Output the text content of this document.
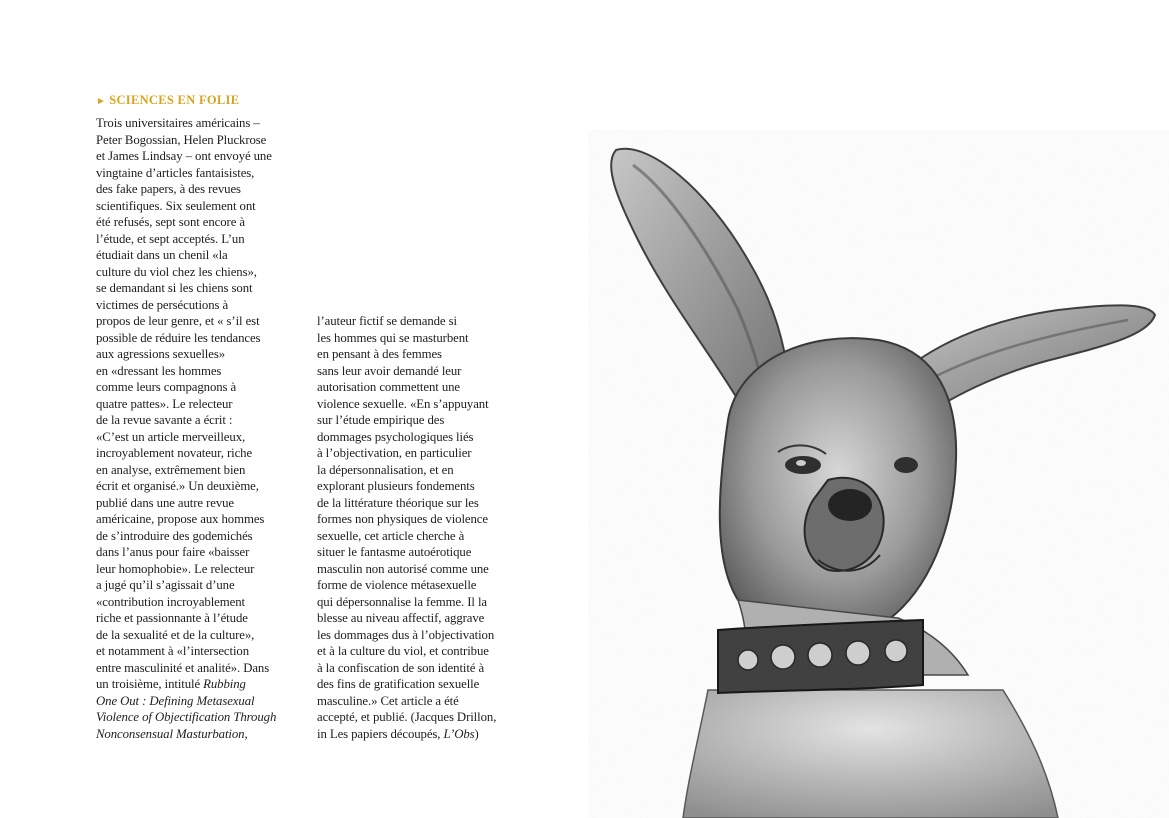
► SCIENCES EN FOLIE
Trois universitaires américains –
Peter Bogossian, Helen Pluckrose
et James Lindsay – ont envoyé une
vingtaine d’articles fantaisistes,
des fake papers, à des revues
scientifiques. Six seulement ont
été refusés, sept sont encore à
l’étude, et sept acceptés. L’un
étudiait dans un chenil «la
culture du viol chez les chiens»,
se demandant si les chiens sont
victimes de persécutions à
propos de leur genre, et « s’il est
possible de réduire les tendances
aux agressions sexuelles»
en «dressant les hommes
comme leurs compagnons à
quatre pattes». Le relecteur
de la revue savante a écrit :
«C’est un article merveilleux,
incroyablement novateur, riche
en analyse, extrêmement bien
écrit et organisé.» Un deuxième,
publié dans une autre revue
américaine, propose aux hommes
de s’introduire des godemichés
dans l’anus pour faire «baisser
leur homophobie». Le relecteur
a jugé qu’il s’agissait d’une
«contribution incroyablement
riche et passionnante à l’étude
de la sexualité et de la culture»,
et notamment à «l’intersection
entre masculinité et analité». Dans
un troisième, intitulé Rubbing
One Out : Defining Metasexual
Violence of Objectification Through
Nonconsensual Masturbation,
l’auteur fictif se demande si
les hommes qui se masturbent
en pensant à des femmes
sans leur avoir demandé leur
autorisation commettent une
violence sexuelle. «En s’appuyant
sur l’étude empirique des
dommages psychologiques liés
à l’objectivation, en particulier
la dépersonnalisation, et en
explorant plusieurs fondements
de la littérature théorique sur les
formes non physiques de violence
sexuelle, cet article cherche à
situer le fantasme autoérotique
masculin non autorisé comme une
forme de violence métasexuelle
qui dépersonnalise la femme. Il la
blesse au niveau affectif, aggrave
les dommages dus à l’objectivation
et à la culture du viol, et contribue
à la confiscation de son identité à
des fins de gratification sexuelle
masculine.» Cet article a été
accepté, et publié. (Jacques Drillon,
in Les papiers découpés, L’Obs)
